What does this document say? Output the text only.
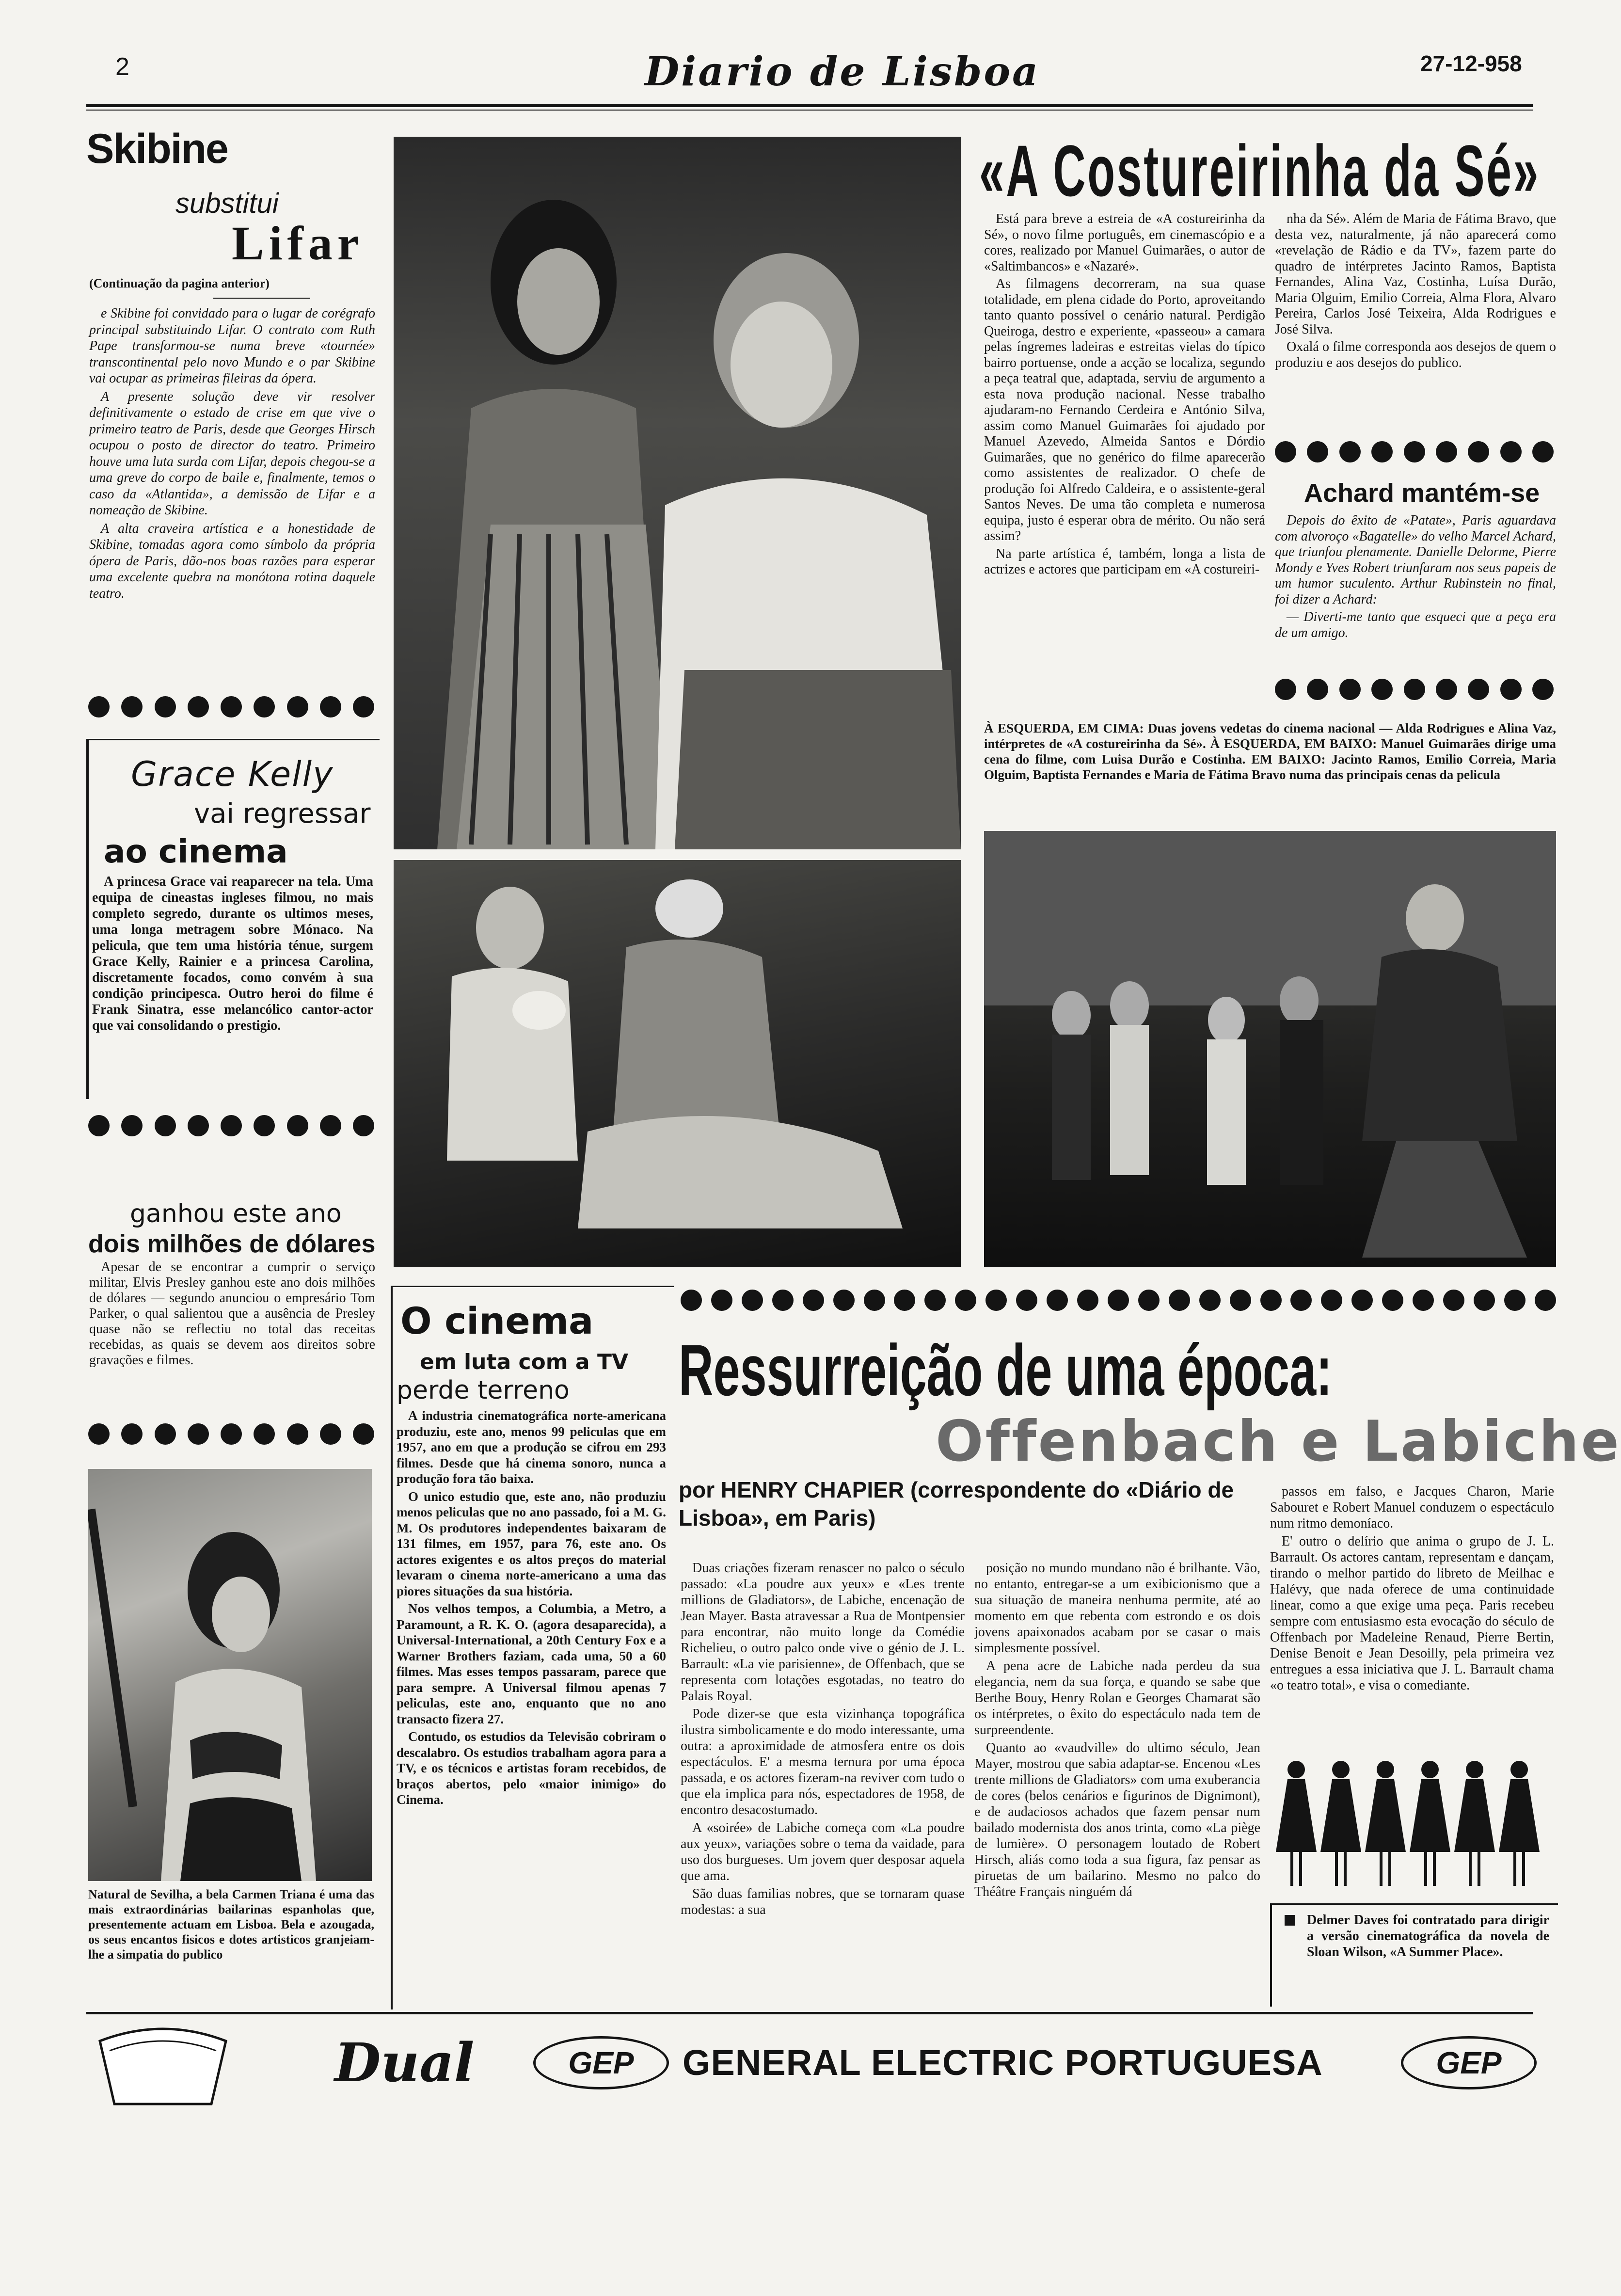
2	Diario de Lisboa	27-12-958
Skibine
substitui
Lifar
(Continuação da pagina anterior)

e Skibine foi convidado para o lugar de corégrafo principal substituindo Lifar. O contrato com Ruth Pape transformou-se numa breve «tournée» transcontinental pelo novo Mundo e o par Skibine vai ocupar as primeiras fileiras da ópera.

A presente solução deve vir resolver definitivamente o estado de crise em que vive o primeiro teatro de Paris, desde que Georges Hirsch ocupou o posto de director do teatro. Primeiro houve uma luta surda com Lifar, depois chegou-se a uma greve do corpo de baile e, finalmente, temos o caso da «Atlantida», a demissão de Lifar e a nomeação de Skibine.

A alta craveira artística e a honestidade de Skibine, tomadas agora como símbolo da própria ópera de Paris, dão-nos boas razões para esperar uma excelente quebra na monótona rotina daquele teatro.

Grace Kelly
vai regressar
ao cinema

A princesa Grace vai reaparecer na tela. Uma equipa de cineastas ingleses filmou, no mais completo segredo, durante os ultimos meses, uma longa metragem sobre Mónaco. Na pelicula, que tem uma história ténue, surgem Grace Kelly, Rainier e a princesa Carolina, discretamente focados, como convém à sua condição principesca. Outro heroi do filme é Frank Sinatra, esse melancólico cantor-actor que vai consolidando o prestigio.

ganhou este ano
dois milhões de dólares

Apesar de se encontrar a cumprir o serviço militar, Elvis Presley ganhou este ano dois milhões de dólares — segundo anunciou o empresário Tom Parker, o qual salientou que a ausência de Presley quase não se reflectiu no total das receitas recebidas, as quais se devem aos direitos sobre gravações e filmes.

Natural de Sevilha, a bela Carmen Triana é uma das mais extraordinárias bailarinas espanholas que, presentemente actuam em Lisboa. Bela e azougada, os seus encantos fisicos e dotes artisticos granjeiam-lhe a simpatia do publico
«A Costureirinha da Sé»

Está para breve a estreia de «A costureirinha da Sé», o novo filme português, em cinemascópio e a cores, realizado por Manuel Guimarães, o autor de «Saltimbancos» e «Nazaré».

As filmagens decorreram, na sua quase totalidade, em plena cidade do Porto, aproveitando tanto quanto possível o cenário natural. Perdigão Queiroga, destro e experiente, «passeou» a camara pelas íngremes ladeiras e estreitas vielas do típico bairro portuense, onde a acção se localiza, segundo a peça teatral que, adaptada, serviu de argumento a esta nova produção nacional. Nesse trabalho ajudaram-no Fernando Cerdeira e António Silva, assim como Manuel Guimarães foi ajudado por Manuel Azevedo, Almeida Santos e Dórdio Guimarães, que no genérico do filme aparecerão como assistentes de realizador. O chefe de produção foi Alfredo Caldeira, e o assistente-geral Santos Neves. De uma tão completa e numerosa equipa, justo é esperar obra de mérito. Ou não será assim?

Na parte artística é, também, longa a lista de actrizes e actores que participam em «A costureiri-

nha da Sé». Além de Maria de Fátima Bravo, que desta vez, naturalmente, já não aparecerá como «revelação de Rádio e da TV», fazem parte do quadro de intérpretes Jacinto Ramos, Baptista Fernandes, Alina Vaz, Costinha, Luísa Durão, Maria Olguim, Emilio Correia, Alma Flora, Alvaro Pereira, Carlos José Teixeira, Alda Rodrigues e José Silva.

Oxalá o filme corresponda aos desejos de quem o produziu e aos desejos do publico.

Achard mantém-se

Depois do êxito de «Patate», Paris aguardava com alvoroço «Bagatelle» do velho Marcel Achard, que triunfou plenamente. Danielle Delorme, Pierre Mondy e Yves Robert triunfaram nos seus papeis de um humor suculento. Arthur Rubinstein no final, foi dizer a Achard:

— Diverti-me tanto que esqueci que a peça era de um amigo.

À ESQUERDA, EM CIMA: Duas jovens vedetas do cinema nacional — Alda Rodrigues e Alina Vaz, intérpretes de «A costureirinha da Sé». À ESQUERDA, EM BAIXO: Manuel Guimarães dirige uma cena do filme, com Luisa Durão e Costinha. EM BAIXO: Jacinto Ramos, Emilio Correia, Maria Olguim, Baptista Fernandes e Maria de Fátima Bravo numa das principais cenas da pelicula
O cinema
em luta com a TV
perde terreno

A industria cinematográfica norte-americana produziu, este ano, menos 99 peliculas que em 1957, ano em que a produção se cifrou em 293 filmes. Desde que há cinema sonoro, nunca a produção fora tão baixa.

O unico estudio que, este ano, não produziu menos peliculas que no ano passado, foi a M. G. M. Os produtores independentes baixaram de 131 filmes, em 1957, para 76, este ano. Os actores exigentes e os altos preços do material levaram o cinema norte-americano a uma das piores situações da sua história.

Nos velhos tempos, a Columbia, a Metro, a Paramount, a R. K. O. (agora desaparecida), a Universal-International, a 20th Century Fox e a Warner Brothers faziam, cada uma, 50 a 60 filmes. Mas esses tempos passaram, parece que para sempre. A Universal filmou apenas 7 peliculas, este ano, enquanto que no ano transacto fizera 27.

Contudo, os estudios da Televisão cobriram o descalabro. Os estudios trabalham agora para a TV, e os técnicos e artistas foram recebidos, de braços abertos, pelo «maior inimigo» do Cinema.

Ressurreição de uma época:
Offenbach e Labiche
por HENRY CHAPIER (correspondente do «Diário de Lisboa», em Paris)

Duas criações fizeram renascer no palco o século passado: «La poudre aux yeux» e «Les trente millions de Gladiators», de Labiche, encenação de Jean Mayer. Basta atravessar a Rua de Montpensier para encontrar, não muito longe da Comédie Richelieu, o outro palco onde vive o génio de J. L. Barrault: «La vie parisienne», de Offenbach, que se representa com lotações esgotadas, no teatro do Palais Royal.

Pode dizer-se que esta vizinhança topográfica ilustra simbolicamente e do modo interessante, uma outra: a aproximidade de atmosfera entre os dois espectáculos. E' a mesma ternura por uma época passada, e os actores fizeram-na reviver com tudo o que ela implica para nós, espectadores de 1958, de encontro desacostumado.

A «soirée» de Labiche começa com «La poudre aux yeux», variações sobre o tema da vaidade, para uso dos burgueses. Um jovem quer desposar aquela que ama.

São duas familias nobres, que se tornaram quase modestas: a sua

posição no mundo mundano não é brilhante. Vão, no entanto, entregar-se a um exibicionismo que a sua situação de maneira nenhuma permite, até ao momento em que rebenta com estrondo e os dois jovens apaixonados acabam por se casar o mais simplesmente possível.

A pena acre de Labiche nada perdeu da sua elegancia, nem da sua força, e quando se sabe que Berthe Bouy, Henry Rolan e Georges Chamarat são os intérpretes, o êxito do espectáculo nada tem de surpreendente.

Quanto ao «vaudville» do ultimo século, Jean Mayer, mostrou que sabia adaptar-se. Encenou «Les trente millions de Gladiators» com uma exuberancia de cores (belos cenários e figurinos de Dignimont), e de audaciosos achados que fazem pensar num bailado modernista dos anos trinta, como «La piège de lumière». O personagem loutado de Robert Hirsch, aliás como toda a sua figura, faz pensar as piruetas de um bailarino. Mesmo no palco do Théâtre Français ninguém dá

passos em falso, e Jacques Charon, Marie Sabouret e Robert Manuel conduzem o espectáculo num ritmo demoníaco.

E' outro o delírio que anima o grupo de J. L. Barrault. Os actores cantam, representam e dançam, tirando o melhor partido do libreto de Meilhac e Halévy, que nada oferece de uma continuidade linear, como a que exige uma peça. Paris recebeu sempre com entusiasmo esta evocação do século de Offenbach por Madeleine Renaud, Pierre Bertin, Denise Benoit e Jean Desoilly, pela primeira vez entregues a essa iniciativa que J. L. Barrault chama «o teatro total», e visa o comediante.

Delmer Daves foi contratado para dirigir a versão cinematográfica da novela de Sloan Wilson, «A Summer Place».
Dual	GEP GENERAL ELECTRIC PORTUGUESA	GEP
